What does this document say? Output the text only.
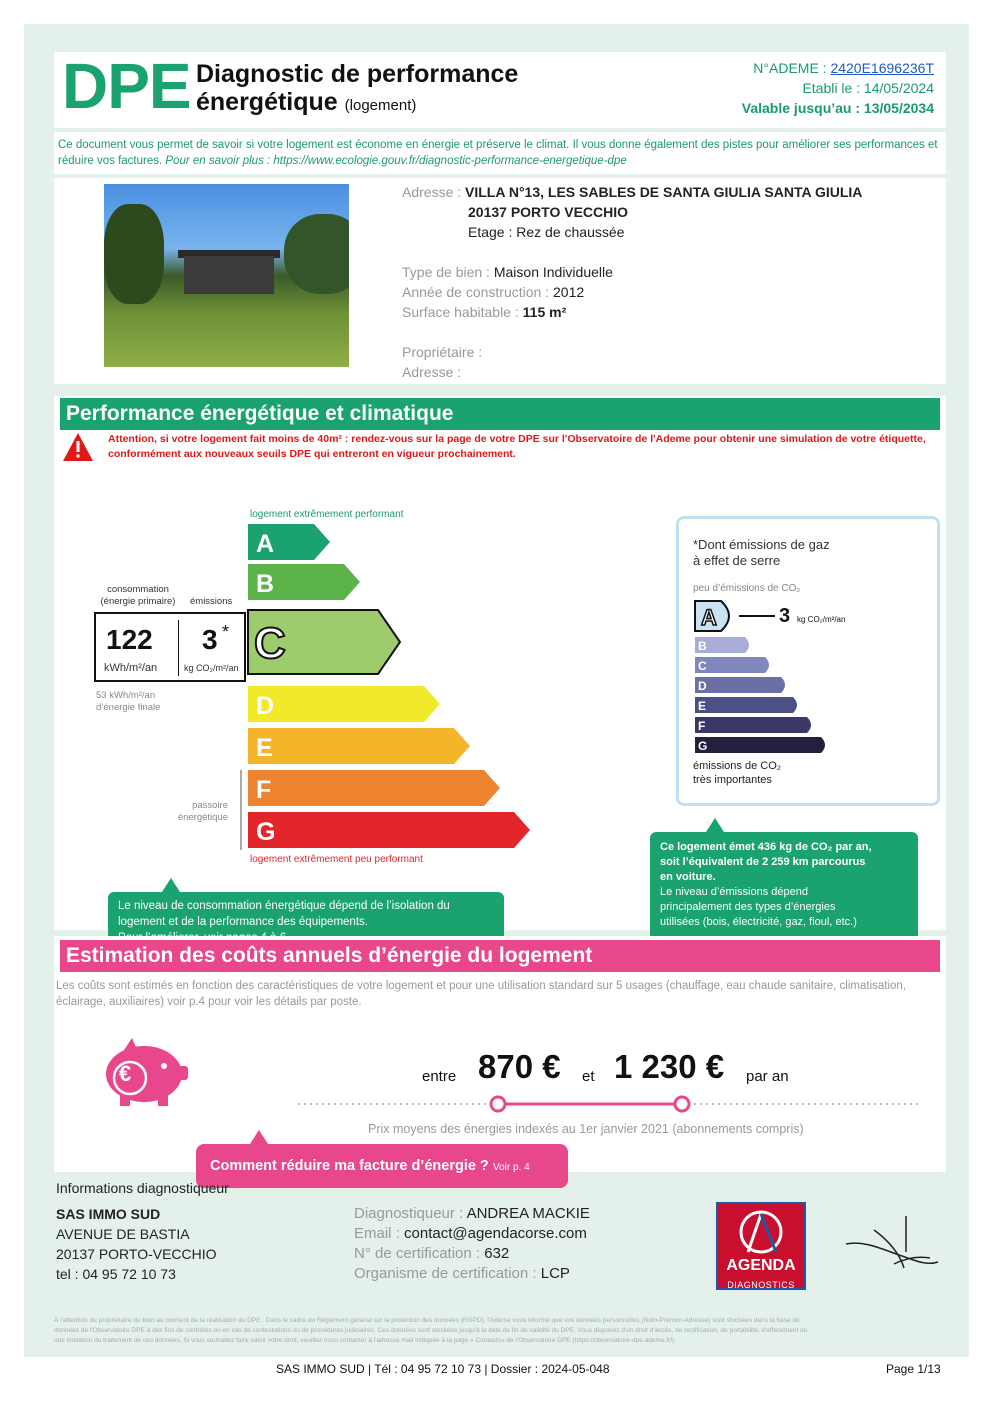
DPE Diagnostic de performance
énergétique (logement)
N°ADEME : 2420E1696236T
Etabli le : 14/05/2024
Valable jusqu’au : 13/05/2034
Ce document vous permet de savoir si votre logement est économe en énergie et préserve le climat. Il vous donne également des pistes pour améliorer ses performances et réduire vos factures. Pour en savoir plus : https://www.ecologie.gouv.fr/diagnostic-performance-energetique-dpe
Adresse : VILLA N°13, LES SABLES DE SANTA GIULIA SANTA GIULIA
20137 PORTO VECCHIO
Etage : Rez de chaussée
Type de bien : Maison Individuelle
Année de construction : 2012
Surface habitable : 115 m²
Propriétaire :
Adresse :
Performance énergétique et climatique
Attention, si votre logement fait moins de 40m² : rendez-vous sur la page de votre DPE sur l'Observatoire de l'Ademe pour obtenir une simulation de votre étiquette,
conformément aux nouveaux seuils DPE qui entreront en vigueur prochainement.
logement extrêmement performant
A
B
C
D
E
F
G
passoire
énergétique
logement extrêmement peu performant
consommation
(énergie primaire)	émissions
122
kWh/m²/an
3 *
kg CO₂/m²/an
53 kWh/m²/an
d’énergie finale
*Dont émissions de gaz
à effet de serre
peu d’émissions de CO₂
A
B
C
D
E
F
G
3 kg CO₂/m²/an
émissions de CO₂
très importantes
Ce logement émet 436 kg de CO₂ par an,
soit l’équivalent de 2 259 km parcourus
en voiture.
Le niveau d’émissions dépend
principalement des types d’énergies
utilisées (bois, électricité, gaz, fioul, etc.)
Le niveau de consommation énergétique dépend de l’isolation du
logement et de la performance des équipements.
Estimation des coûts annuels d’énergie du logement
Les coûts sont estimés en fonction des caractéristiques de votre logement et pour une utilisation standard sur 5 usages (chauffage, eau chaude sanitaire, climatisation,
éclairage, auxiliaires) voir p.4 pour voir les détails par poste.
€	entre 870 € et 1 230 € par an
Prix moyens des énergies indexés au 1er janvier 2021 (abonnements compris)
Comment réduire ma facture d’énergie ? Voir p. 4
Informations diagnostiqueur
SAS IMMO SUD
AVENUE DE BASTIA
20137 PORTO-VECCHIO
tel : 04 95 72 10 73
Diagnostiqueur : ANDREA MACKIE
Email : contact@agendacorse.com
N° de certification : 632
Organisme de certification : LCP	AGENDA
DIAGNOSTICS
À l'attention du propriétaire du bien au moment de la réalisation du DPE : Dans le cadre du Règlement général sur la protection des données (RGPD), l'Ademe vous informe que vos données personnelles (Nom-Prénom-Adresse) sont stockées dans la base de
données de l'Observatoire DPE à des fins de contrôles ou en cas de contestations ou de procédures judiciaires. Ces données sont stockées jusqu'à la date de fin de validité du DPE. Vous disposez d'un droit d'accès, de rectification, de portabilité, d'effacement ou
une limitation du traitement de ces données. Si vous souhaitez faire valoir votre droit, veuillez nous contacter à l'adresse mail indiquée à la page « Contacts» de l'Observatoire DPE (https://observatoire-dpe.ademe.fr/).
SAS IMMO SUD | Tél : 04 95 72 10 73 | Dossier : 2024-05-048	Page 1/13
